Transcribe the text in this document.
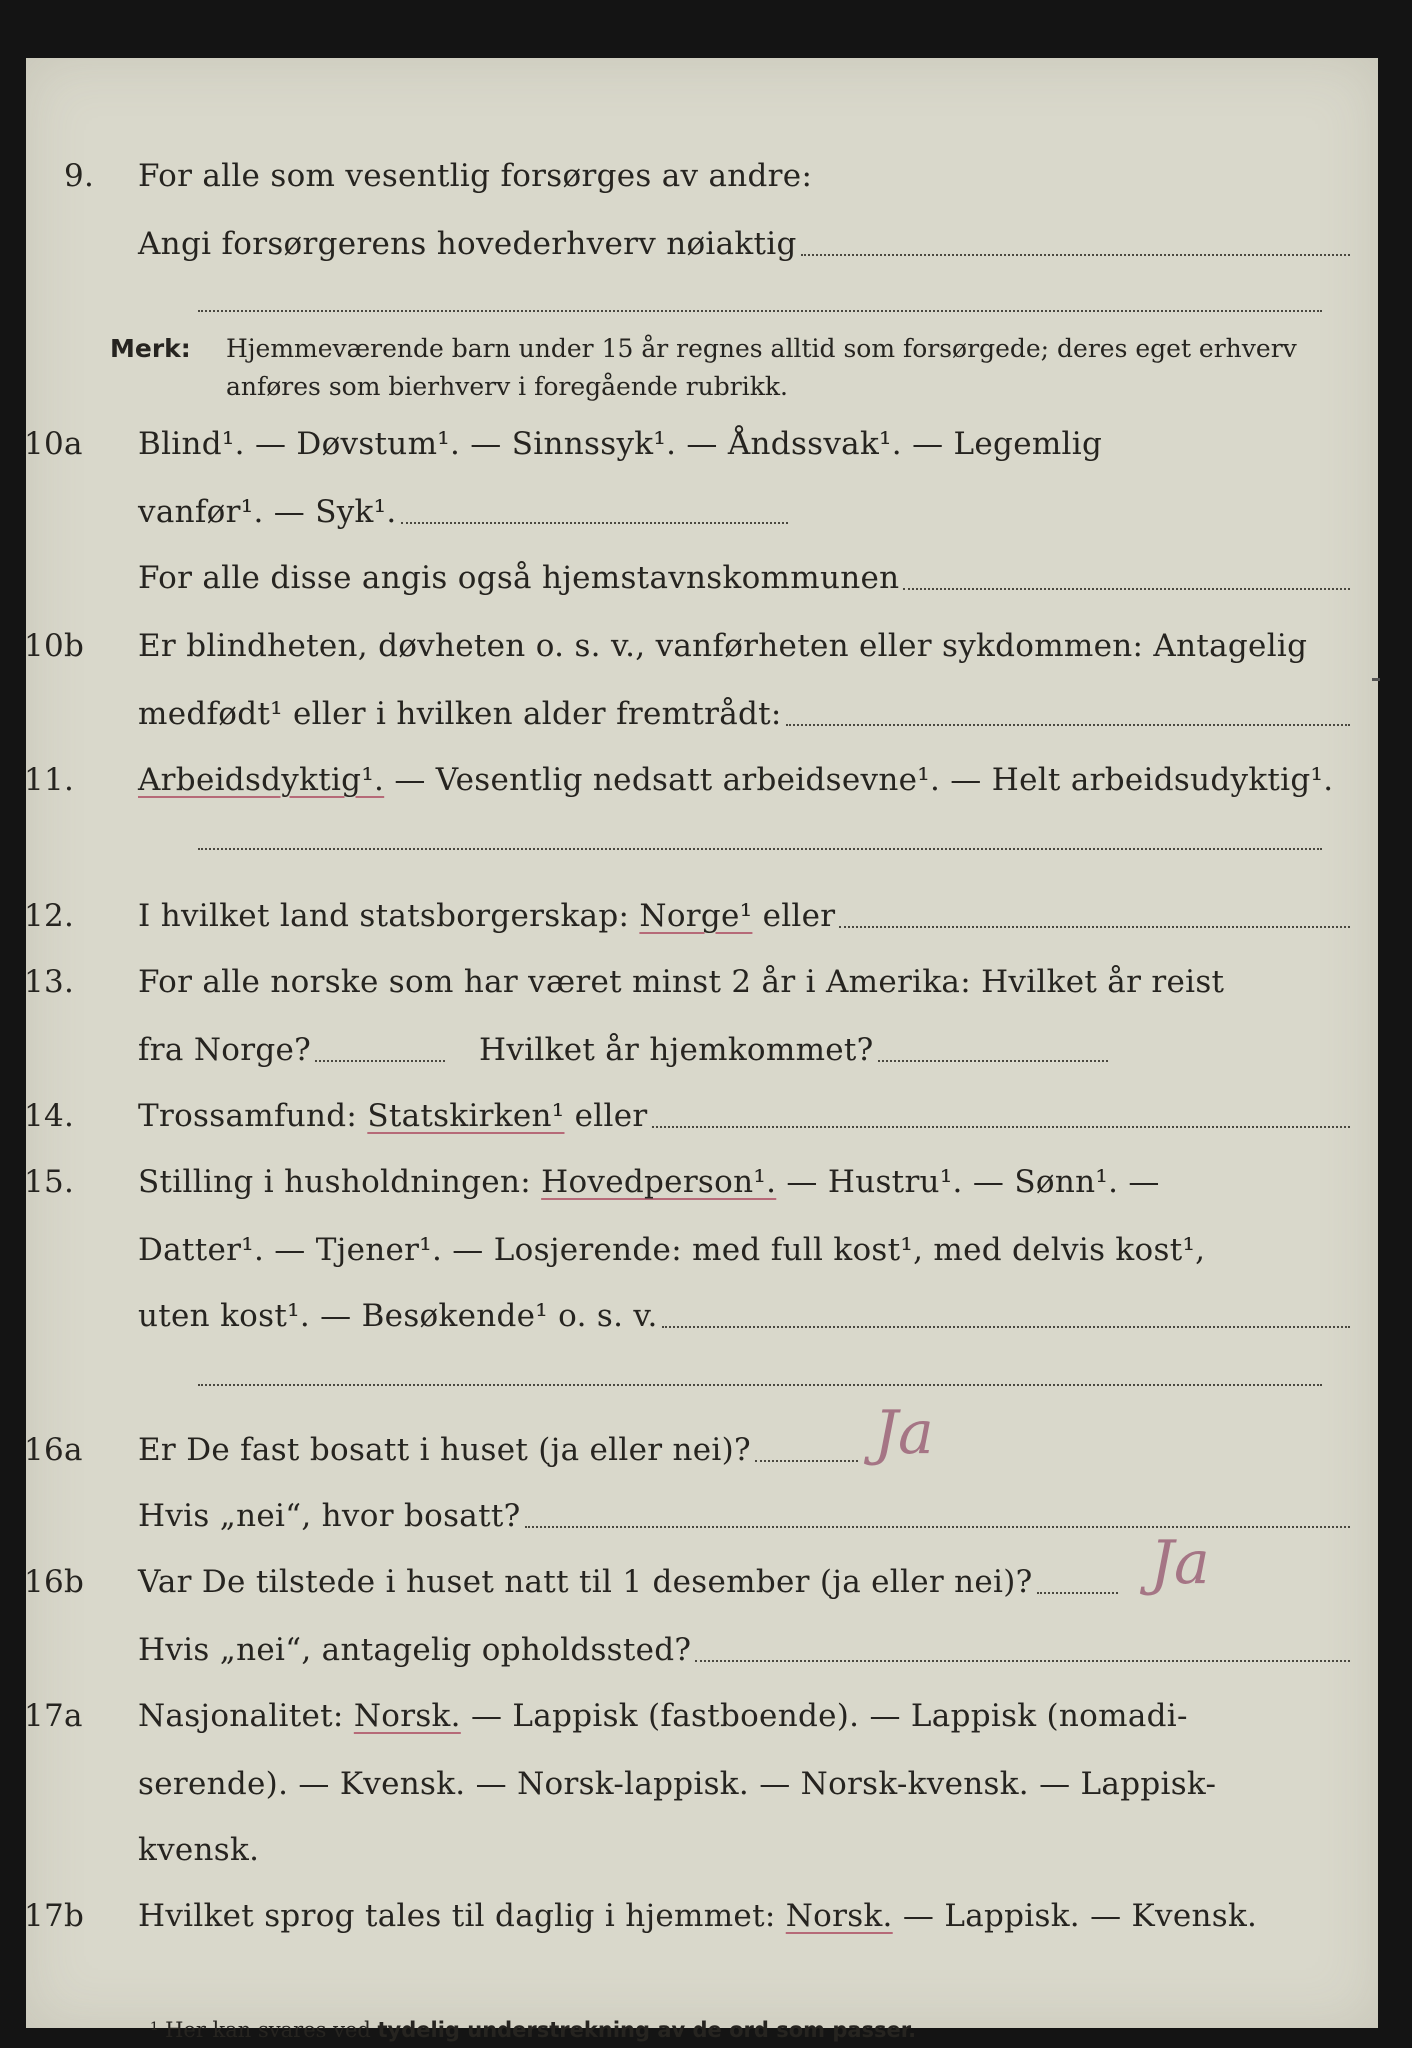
9.	For alle som vesentlig forsørges av andre:
Angi forsørgerens hovederhverv nøiaktig
Merk: Hjemmeværende barn under 15 år regnes alltid som forsørgede; deres eget erhverv
anføres som bierhverv i foregående rubrikk.
10a	Blind¹. — Døvstum¹. — Sinnssyk¹. — Åndssvak¹. — Legemlig
vanfør¹. — Syk¹.
For alle disse angis også hjemstavnskommunen
10b	Er blindheten, døvheten o. s. v., vanførheten eller sykdommen: Antagelig
medfødt¹ eller i hvilken alder fremtrådt:
11.	Arbeidsdyktig¹. — Vesentlig nedsatt arbeidsevne¹. — Helt arbeidsudyktig¹.
12.	I hvilket land statsborgerskap: Norge¹ eller
13.	For alle norske som har været minst 2 år i Amerika: Hvilket år reist
fra Norge?	Hvilket år hjemkommet?
14.	Trossamfund: Statskirken¹ eller
15.	Stilling i husholdningen: Hovedperson¹. — Hustru¹. — Sønn¹. —
Datter¹. — Tjener¹. — Losjerende: med full kost¹, med delvis kost¹,
uten kost¹. — Besøkende¹ o. s. v.
16a	Er De fast bosatt i huset (ja eller nei)? Ja
Hvis „nei“, hvor bosatt?
16b	Var De tilstede i huset natt til 1 desember (ja eller nei)? Ja
Hvis „nei“, antagelig opholdssted?
17a	Nasjonalitet: Norsk. — Lappisk (fastboende). — Lappisk (nomadi-
serende). — Kvensk. — Norsk-lappisk. — Norsk-kvensk. — Lappisk-
kvensk.
17b	Hvilket sprog tales til daglig i hjemmet: Norsk. — Lappisk. — Kvensk.
¹ Her kan svares ved tydelig understrekning av de ord som passer.
